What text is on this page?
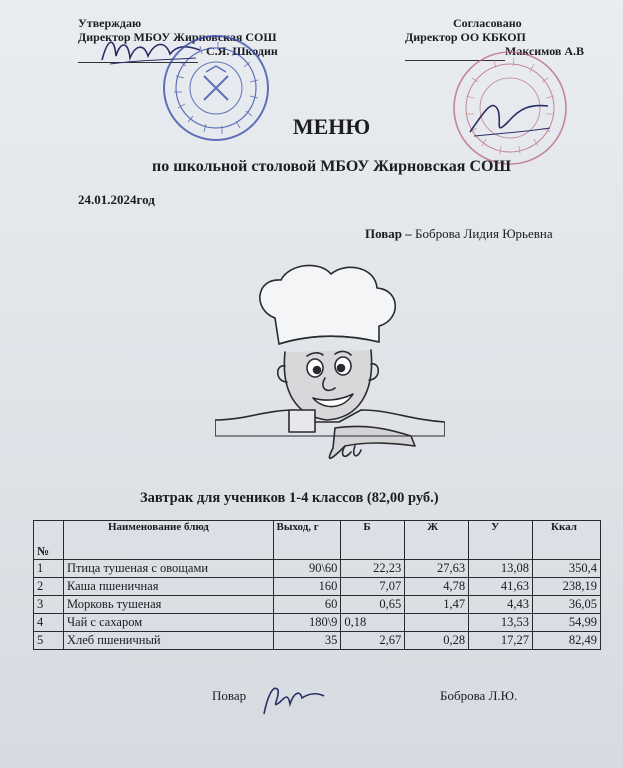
Утверждаю
Директор МБОУ Жирновская СОШ
С.Я. Шкодин
Согласовано
Директор ОО КБКОП
Максимов А.В
МЕНЮ
по школьной столовой МБОУ Жирновская СОШ
24.01.2024год
Повар – Боброва Лидия Юрьевна
Завтрак для учеников 1-4 классов (82,00 руб.)
№	Наименование блюд	Выход, г	Б	Ж	У	Ккал
1	Птица тушеная с овощами	90\60	22,23	27,63	13,08	350,4
2	Каша пшеничная	160	7,07	4,78	41,63	238,19
3	Морковь тушеная	60	0,65	1,47	4,43	36,05
4	Чай с сахаром	180\9	0,18		13,53	54,99
5	Хлеб пшеничный	35	2,67	0,28	17,27	82,49
Повар	Боброва Л.Ю.
